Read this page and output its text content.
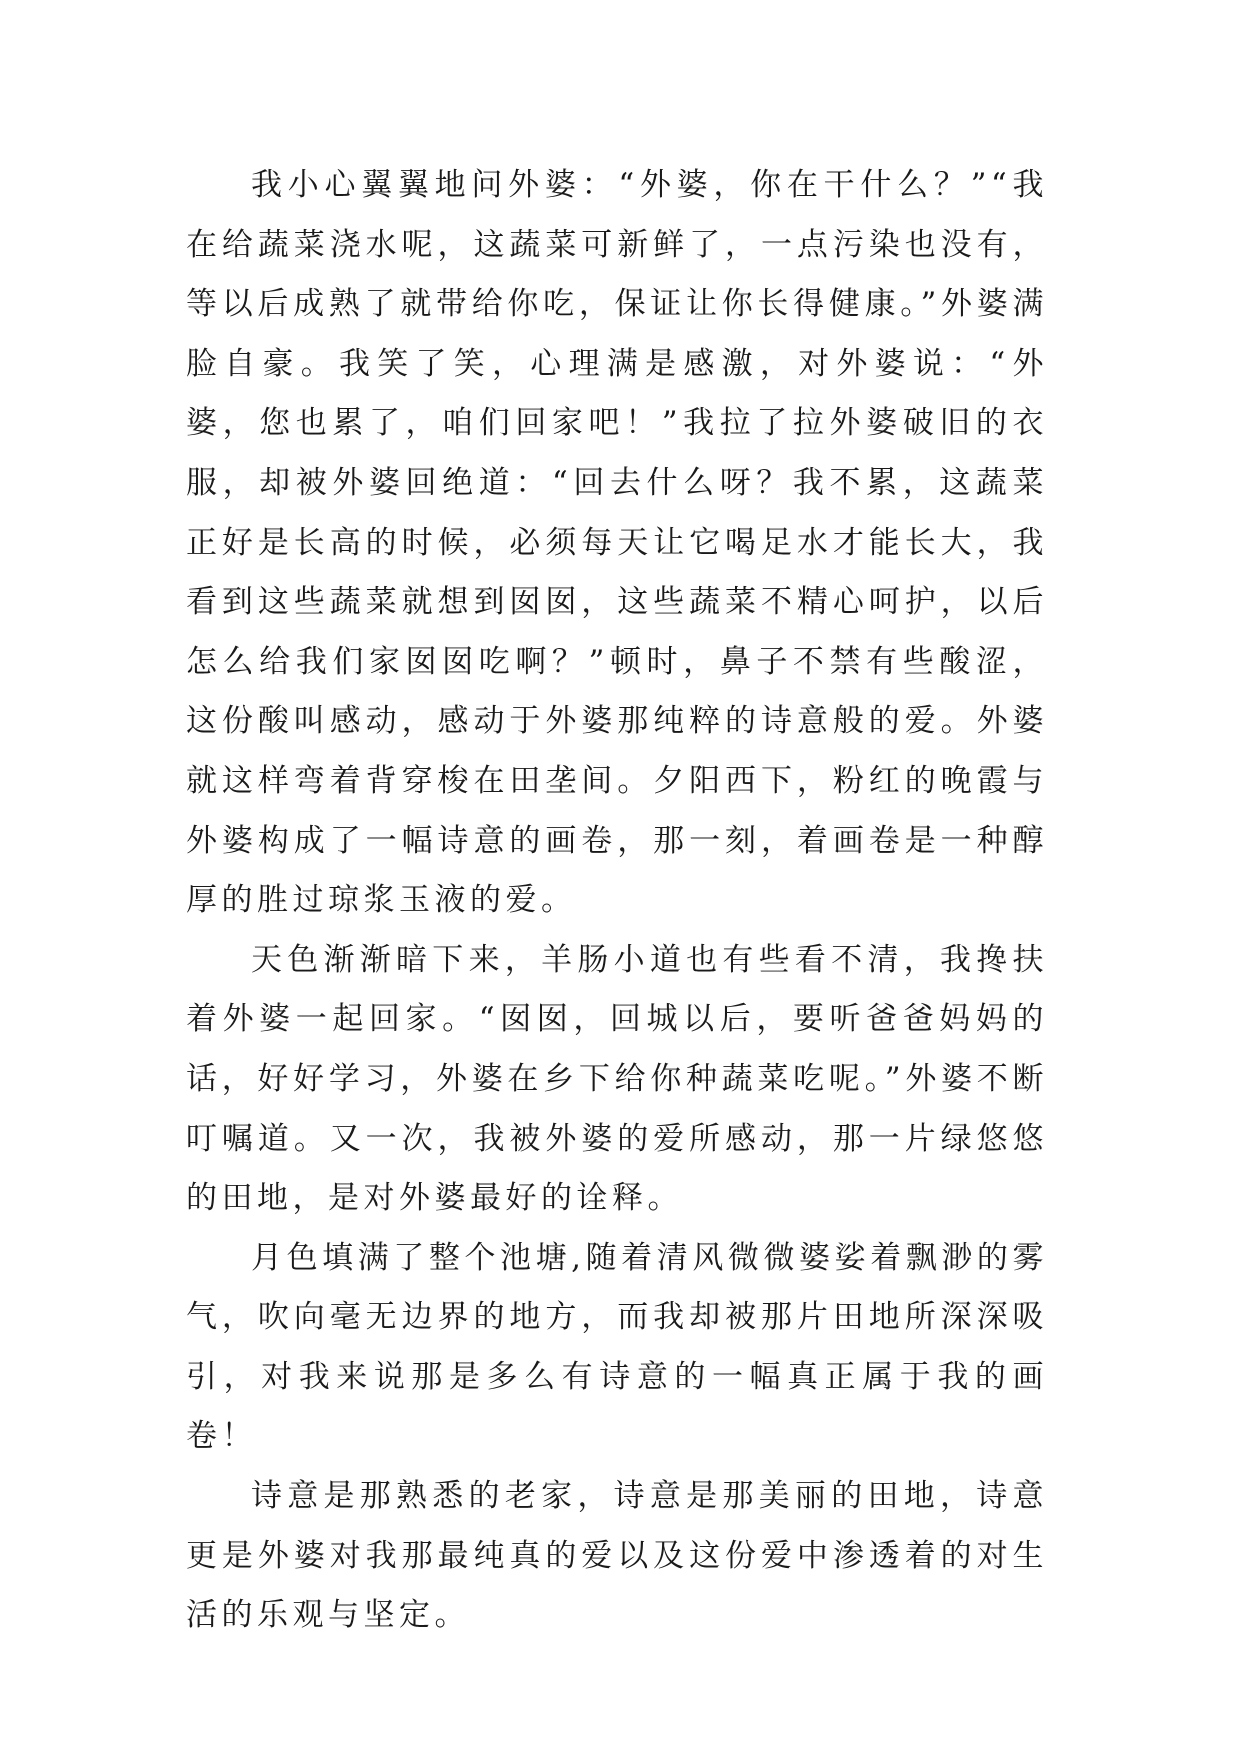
我小心翼翼地问外婆：“外婆，你在干什么？”“我在给蔬菜浇水呢，这蔬菜可新鲜了，一点污染也没有，等以后成熟了就带给你吃，保证让你长得健康。”外婆满脸自豪。我笑了笑，心理满是感激，对外婆说：“外婆，您也累了，咱们回家吧！”我拉了拉外婆破旧的衣服，却被外婆回绝道：“回去什么呀？我不累，这蔬菜正好是长高的时候，必须每天让它喝足水才能长大，我看到这些蔬菜就想到囡囡，这些蔬菜不精心呵护，以后怎么给我们家囡囡吃啊？”顿时，鼻子不禁有些酸涩，这份酸叫感动，感动于外婆那纯粹的诗意般的爱。外婆就这样弯着背穿梭在田垄间。夕阳西下，粉红的晚霞与外婆构成了一幅诗意的画卷，那一刻，着画卷是一种醇厚的胜过琼浆玉液的爱。

天色渐渐暗下来，羊肠小道也有些看不清，我搀扶着外婆一起回家。“囡囡，回城以后，要听爸爸妈妈的话，好好学习，外婆在乡下给你种蔬菜吃呢。”外婆不断叮嘱道。又一次，我被外婆的爱所感动，那一片绿悠悠的田地，是对外婆最好的诠释。

月色填满了整个池塘,随着清风微微婆娑着飘渺的雾气，吹向毫无边界的地方，而我却被那片田地所深深吸引，对我来说那是多么有诗意的一幅真正属于我的画卷！

诗意是那熟悉的老家，诗意是那美丽的田地，诗意更是外婆对我那最纯真的爱以及这份爱中渗透着的对生活的乐观与坚定。
